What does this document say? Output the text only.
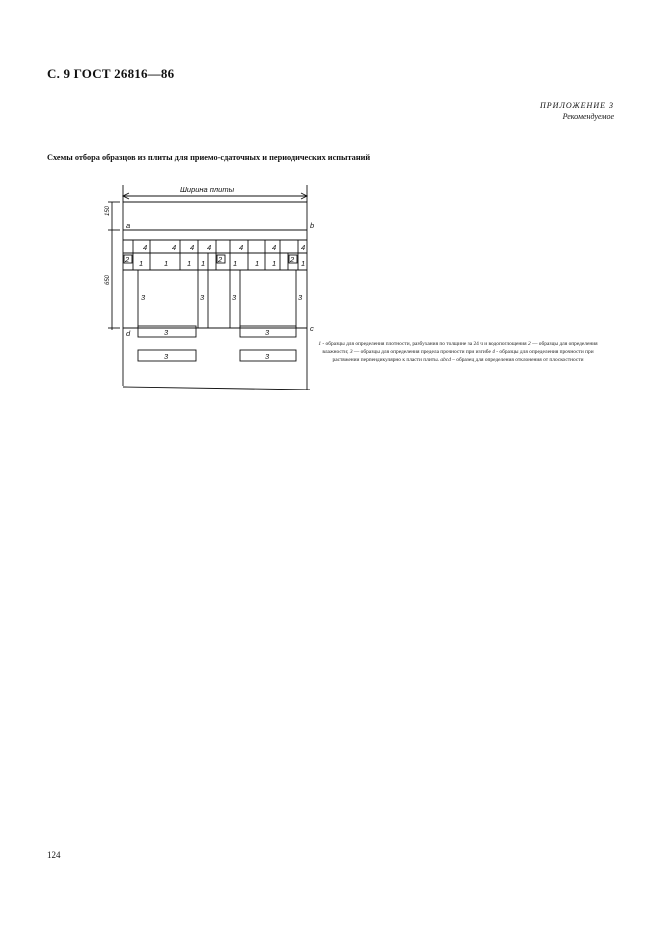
С. 9 ГОСТ 26816—86
ПРИЛОЖЕНИЕ 3
Рекомендуемое
Схемы отбора образцов из плиты для приемо-сдаточных и периодических испытаний
Ширина плиты
150
650
a	b
c
d
4	4 4 4	4	4	4
2 1	1	1 1 2 1 1 1 2 1
3	3	3	3
3	3
3	3
1 - образцы для определения плотности, разбухания по толщине за 24 ч и водопоглощения 2 — образцы для определения влажности; 3 — образцы для определения предела прочности при изгибе 4 - образцы для определения прочности при растяжении перпендикулярно к пласти плиты. abcd – образец для определения отклонения от плоскостности
124
